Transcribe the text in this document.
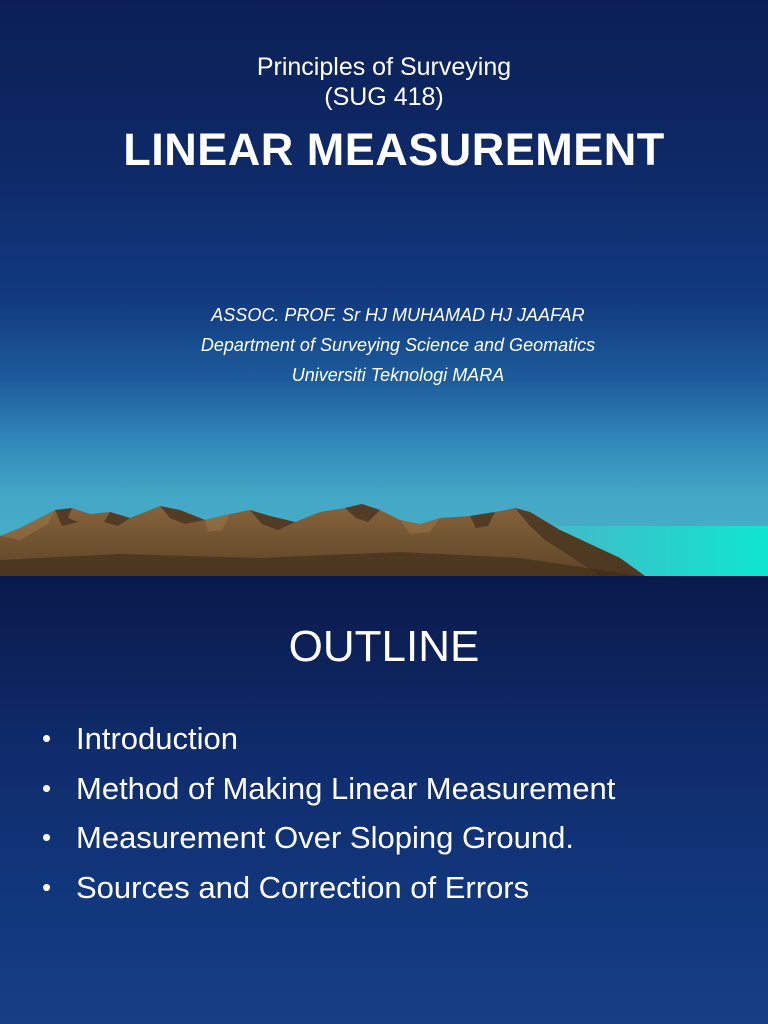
Principles of Surveying
(SUG 418)
LINEAR MEASUREMENT
ASSOC. PROF. Sr HJ MUHAMAD HJ JAAFAR
Department of Surveying Science and Geomatics
Universiti Teknologi MARA
OUTLINE
• Introduction
• Method of Making Linear Measurement
• Measurement Over Sloping Ground.
• Sources and Correction of Errors
